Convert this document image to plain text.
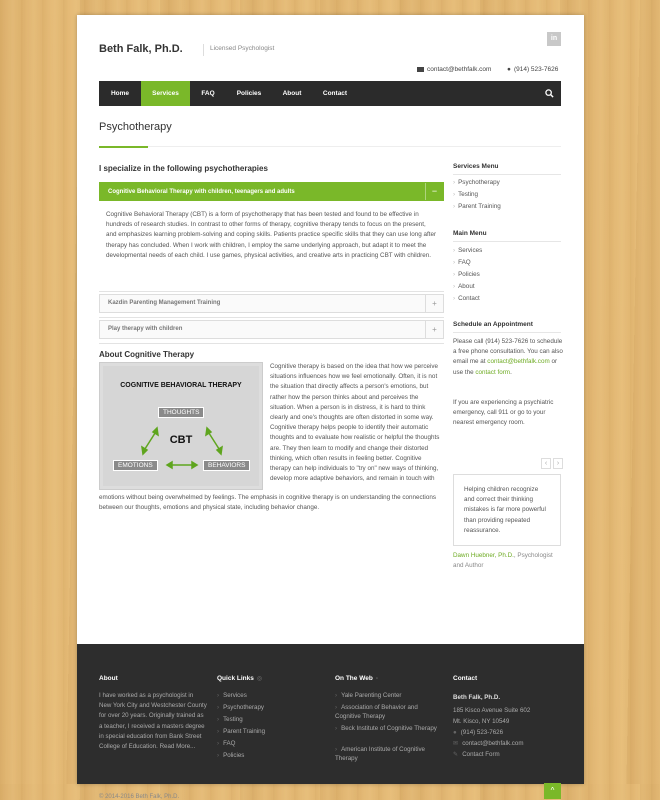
Beth Falk, Ph.D.	Licensed Psychologist
in
contact@bethfalk.com ● (914) 523-7626
Home	Services	FAQ	Policies	About	Contact
Psychotherapy
I specialize in the following psychotherapies
Cognitive Behavioral Therapy with children, teenagers and adults	−
Cognitive Behavioral Therapy (CBT) is a form of psychotherapy that has been tested and found to be effective in hundreds of research studies. In contrast to other forms of therapy, cognitive therapy tends to focus on the present, and emphasizes learning problem-solving and coping skills. Patients practice specific skills that they can use long after therapy has concluded. When I work with children, I employ the same underlying approach, but adapt it to meet the developmental needs of each child. I use games, physical activities, and creative arts in practicing CBT with children.
Kazdin Parenting Management Training	+
Play therapy with children	+
About Cognitive Therapy
COGNITIVE BEHAVIORAL THERAPY
THOUGHTS
CBT
EMOTIONS	BEHAVIORS
Cognitive therapy is based on the idea that how we perceive situations influences how we feel emotionally. Often, it is not the situation that directly affects a person's emotions, but rather how the person thinks about and perceives the situation. When a person is in distress, it is hard to think clearly and one's thoughts are often distorted in some way. Cognitive therapy helps people to identify their automatic thoughts and to evaluate how realistic or helpful the thoughts are. They then learn to modify and change their distorted thinking, which often results in feeling better. Cognitive therapy can help individuals to "try on" new ways of thinking, develop more adaptive behaviors, and remain in touch with
emotions without being overwhelmed by feelings. The emphasis in cognitive therapy is on understanding the connections between our thoughts, emotions and physical state, including behavior change.
Services Menu
› Psychotherapy
› Testing
› Parent Training
Main Menu
› Services
› FAQ
› Policies
› About
› Contact
Schedule an Appointment
Please call (914) 523-7626 to schedule a free phone consultation. You can also email me at contact@bethfalk.com or use the contact form.
If you are experiencing a psychiatric emergency, call 911 or go to your nearest emergency room.
‹	›
Helping children recognize and correct their thinking mistakes is far more powerful than providing repeated reassurance.
Dawn Huebner, Ph.D., Psychologist and Author
About
I have worked as a psychologist in New York City and Westchester County for over 20 years. Originally trained as a teacher, I received a masters degree in special education from Bank Street College of Education. Read More...
Quick Links ◎
› Services
› Psychotherapy
› Testing
› Parent Training
› FAQ
› Policies
On The Web ▫
› Yale Parenting Center
› Association of Behavior and Cognitive Therapy
› Beck Institute of Cognitive Therapy
› American Institute of Cognitive Therapy
Contact
Beth Falk, Ph.D.
185 Kisco Avenue Suite 602
Mt. Kisco, NY 10549
● (914) 523-7626
✉ contact@bethfalk.com
✎ Contact Form
© 2014-2016 Beth Falk, Ph.D.
^
